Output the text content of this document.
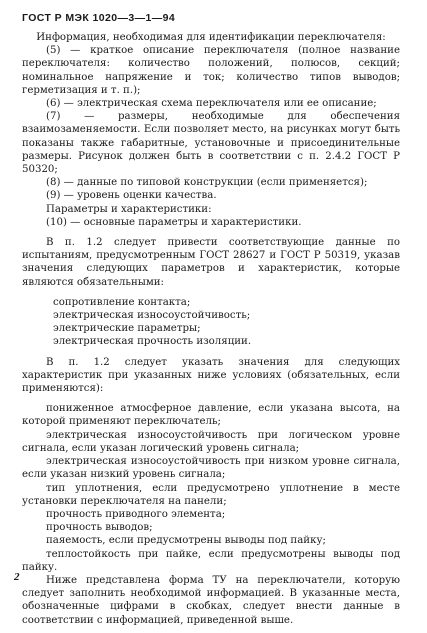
ГОСТ Р МЭК 1020—3—1—94

Информация, необходимая для идентификации переключателя:

(5) — краткое описание переключателя (полное название переключателя: количество положений, полюсов, секций; номинальное напряжение и ток; количество типов выводов; герметизация и т. п.);

(6) — электрическая схема переключателя или ее описание;

(7) — размеры, необходимые для обеспечения взаимозаменяемости. Если позволяет место, на рисунках могут быть показаны также габаритные, установочные и присоединительные размеры. Рисунок должен быть в соответствии с п. 2.4.2 ГОСТ Р 50320;

(8) — данные по типовой конструкции (если применяется);

(9) — уровень оценки качества.

Параметры и характеристики:

(10) — основные параметры и характеристики.

В п. 1.2 следует привести соответствующие данные по испытаниям, предусмотренным ГОСТ 28627 и ГОСТ Р 50319, указав значения следующих параметров и характеристик, которые являются обязательными:

сопротивление контакта;

электрическая износоустойчивость;

электрические параметры;

электрическая прочность изоляции.

В п. 1.2 следует указать значения для следующих характеристик при указанных ниже условиях (обязательных, если применяются):

пониженное атмосферное давление, если указана высота, на которой применяют переключатель;

электрическая износоустойчивость при логическом уровне сигнала, если указан логический уровень сигнала;

электрическая износоустойчивость при низком уровне сигнала, если указан низкий уровень сигнала;

тип уплотнения, если предусмотрено уплотнение в месте установки переключателя на панели;

прочность приводного элемента;

прочность выводов;

паяемость, если предусмотрены выводы под пайку;

теплостойкость при пайке, если предусмотрены выводы под пайку.

Ниже представлена форма ТУ на переключатели, которую следует заполнить необходимой информацией. В указанные места, обозначенные цифрами в скобках, следует внести данные в соответствии с информацией, приведенной выше.

2
